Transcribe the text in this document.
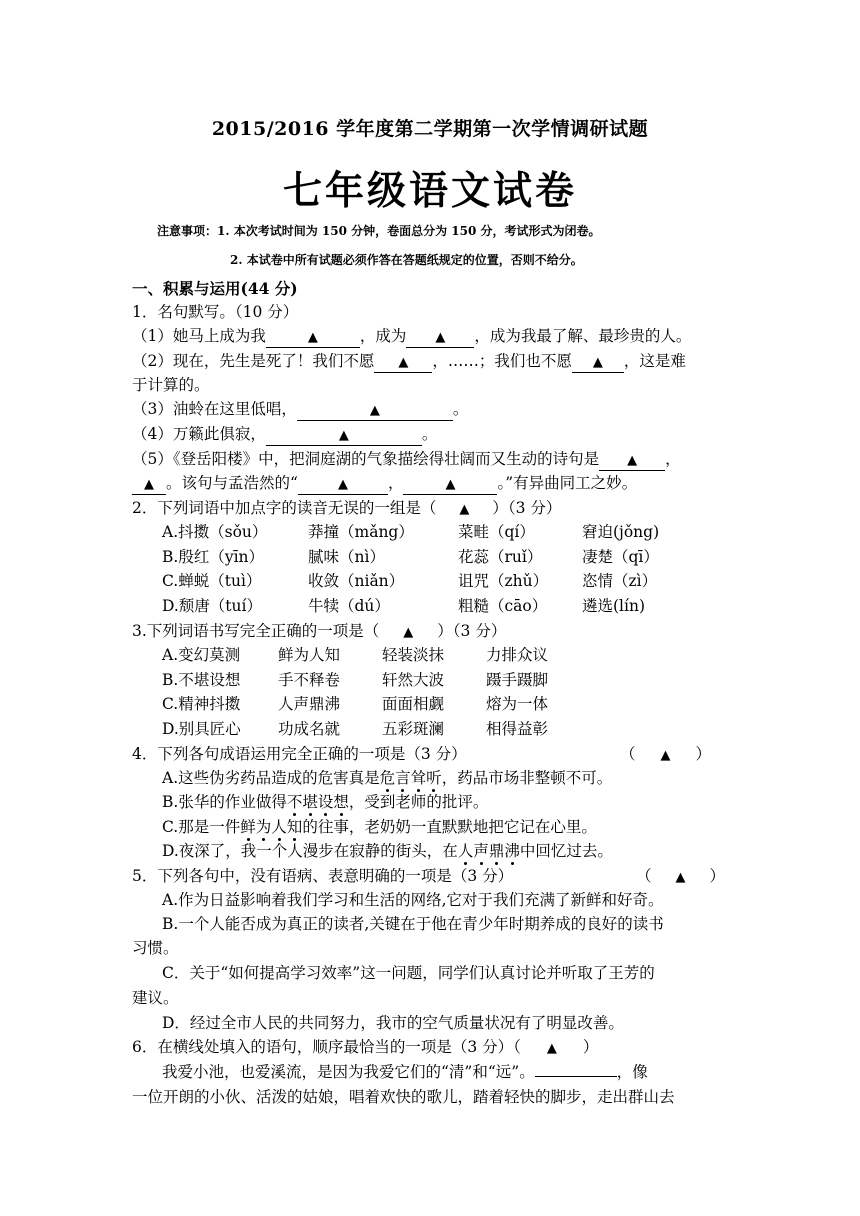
2015/2016 学年度第二学期第一次学情调研试题
七年级语文试卷
注意事项：1. 本次考试时间为 150 分钟，卷面总分为 150 分，考试形式为闭卷。
2. 本试卷中所有试题必须作答在答题纸规定的位置，否则不给分。
一、积累与运用(44 分)
1．名句默写。（10 分）
（1）她马上成为我	▲	，成为 ▲ ，成为我最了解、最珍贵的人。
（2）现在，先生是死了！我们不愿 ▲ ，……；我们也不愿 ▲ ，这是难
于计算的。
（3）油蛉在这里低唱，	▲	。
（4）万籁此俱寂，	▲	。
（5）《登岳阳楼》中，把洞庭湖的气象描绘得壮阔而又生动的诗句是 ▲ ，
▲ 。该句与孟浩然的“	▲	，	▲	。”有异曲同工之妙。
2．下列词语中加点字的读音无误的一组是（ ▲ ）（3 分）
A.抖擞（sǒu）	莽撞（mǎng）	菜畦（qí）	窘迫(jǒng)
B.殷红（yīn）	腻味（nì）	花蕊（ruǐ）	凄楚（qī）
C.蝉蜕（tuì）	收敛（niǎn）	诅咒（zhǔ） 恣情（zì）
D.颓唐（tuí）	牛犊（dú）	粗糙（cāo） 遴选(lín)
3.下列词语书写完全正确的一项是（ ▲ ）（3 分）
A.变幻莫测 鲜为人知	轻装淡抹	力排众议
B.不堪设想 手不释卷	轩然大波	蹑手蹑脚
C.精神抖擞 人声鼎沸	面面相觑	熔为一体
D.别具匠心 功成名就	五彩斑澜	相得益彰
4．下列各句成语运用完全正确的一项是（3 分）	（ ▲ ）
A.这些伪劣药品造成的危害真是危言耸听，药品市场非整顿不可。
B.张华的作业做得不堪设想，受到老师的批评。
C.那是一件鲜为人知的往事，老奶奶一直默默地把它记在心里。
D.夜深了，我一个人漫步在寂静的街头，在人声鼎沸中回忆过去。
5．下列各句中，没有语病、表意明确的一项是（3 分）	（ ▲ ）
A.作为日益影响着我们学习和生活的网络,它对于我们充满了新鲜和好奇。
B.一个人能否成为真正的读者,关键在于他在青少年时期养成的良好的读书
习惯。
C．关于“如何提高学习效率”这一问题，同学们认真讨论并听取了王芳的
建议。
D．经过全市人民的共同努力，我市的空气质量状况有了明显改善。
6．在横线处填入的语句，顺序最恰当的一项是（3 分）（ ▲ ）
我爱小池，也爱溪流，是因为我爱它们的“清”和“远”。	，像
一位开朗的小伙、活泼的姑娘，唱着欢快的歌儿，踏着轻快的脚步，走出群山去
